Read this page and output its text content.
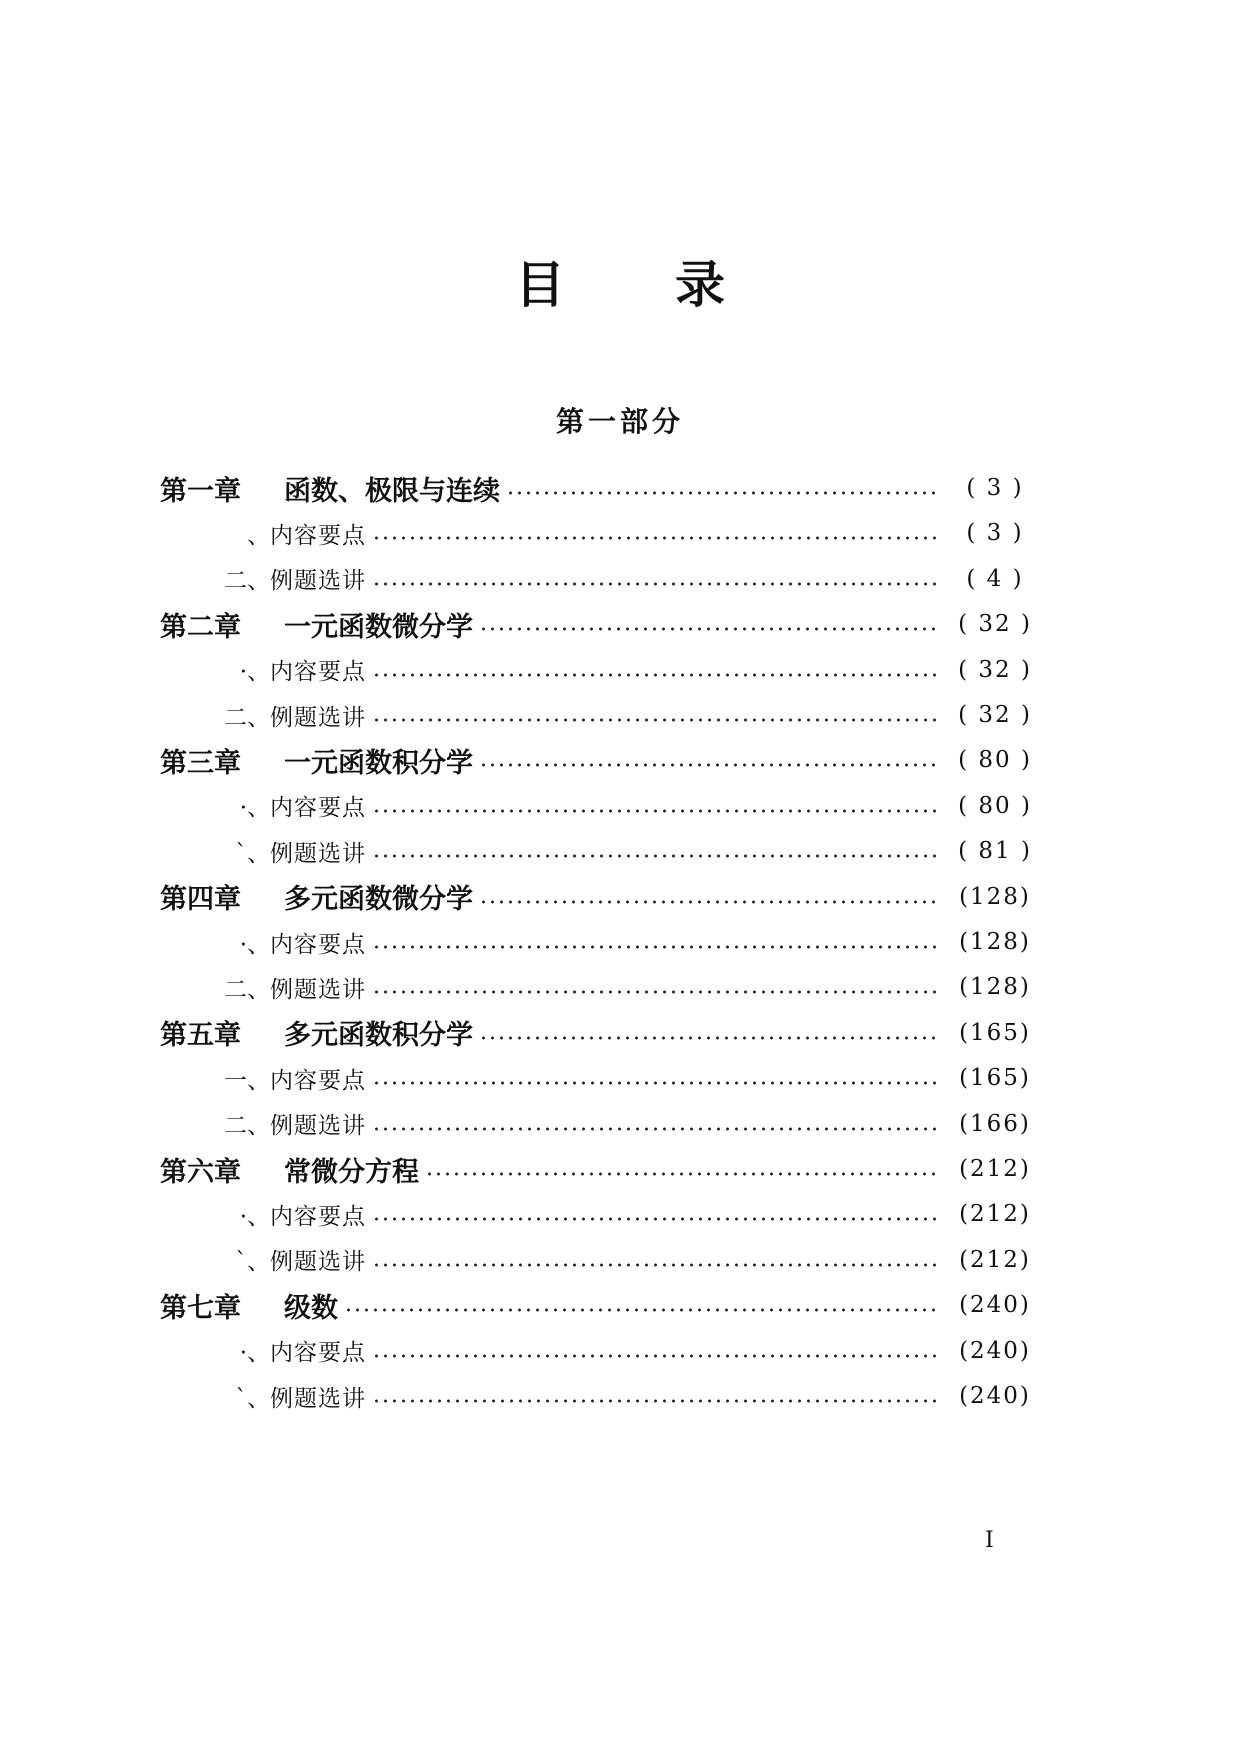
目录
第一部分
第一章	函数、极限与连续	( 3 )
、 内容要点	( 3 )
二、 例题选讲	( 4 )
第二章	一元函数微分学	( 32 )
·、 内容要点	( 32 )
二、 例题选讲	( 32 )
第三章	一元函数积分学	( 80 )
·、 内容要点	( 80 )
ˋ、 例题选讲	( 81 )
第四章	多元函数微分学	(128)
·、 内容要点	(128)
二、 例题选讲	(128)
第五章	多元函数积分学	(165)
一、 内容要点	(165)
二、 例题选讲	(166)
第六章	常微分方程	(212)
·、 内容要点	(212)
ˋ、 例题选讲	(212)
第七章	级数	(240)
·、 内容要点	(240)
ˋ、 例题选讲	(240)
I
